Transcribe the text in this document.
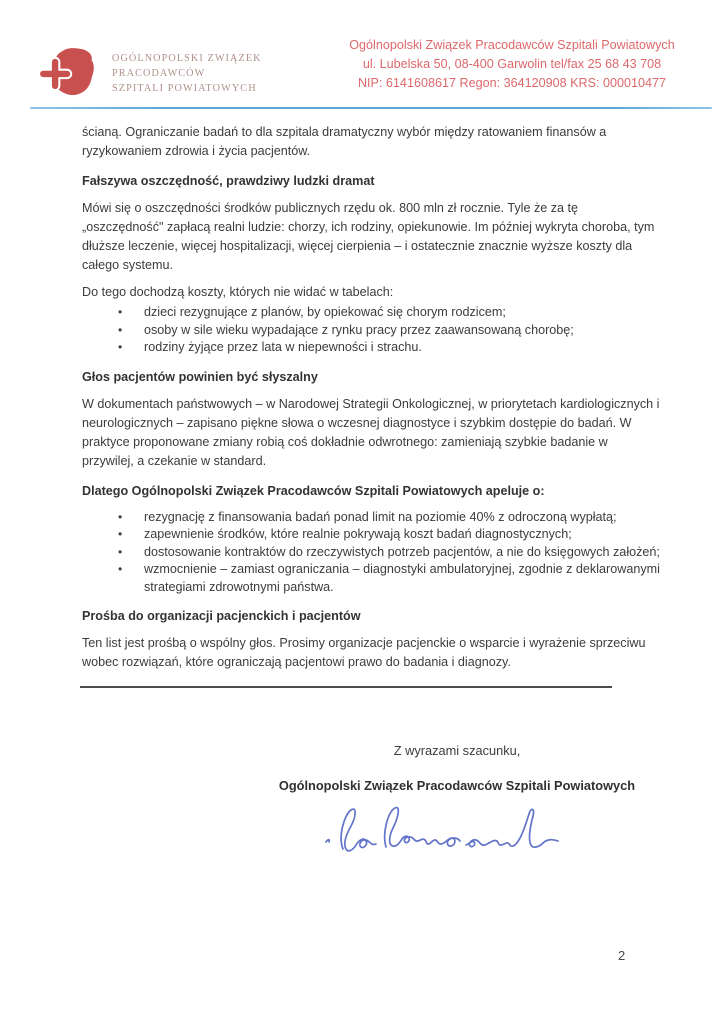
OGÓLNOPOLSKI ZWIĄZEK
PRACODAWCÓW
SZPITALI POWIATOWYCH
Ogólnopolski Związek Pracodawców Szpitali Powiatowych
ul. Lubelska 50, 08-400 Garwolin tel/fax 25 68 43 708
NIP: 6141608617 Regon: 364120908 KRS: 000010477

ścianą. Ograniczanie badań to dla szpitala dramatyczny wybór między ratowaniem finansów a ryzykowaniem zdrowia i życia pacjentów.

Fałszywa oszczędność, prawdziwy ludzki dramat

Mówi się o oszczędności środków publicznych rzędu ok. 800 mln zł rocznie. Tyle że za tę „oszczędność" zapłacą realni ludzie: chorzy, ich rodziny, opiekunowie. Im później wykryta choroba, tym dłuższe leczenie, więcej hospitalizacji, więcej cierpienia – i ostatecznie znacznie wyższe koszty dla całego systemu.

Do tego dochodzą koszty, których nie widać w tabelach:

• dzieci rezygnujące z planów, by opiekować się chorym rodzicem;
• osoby w sile wieku wypadające z rynku pracy przez zaawansowaną chorobę;
• rodziny żyjące przez lata w niepewności i strachu.
Głos pacjentów powinien być słyszalny

W dokumentach państwowych – w Narodowej Strategii Onkologicznej, w priorytetach kardiologicznych i neurologicznych – zapisano piękne słowa o wczesnej diagnostyce i szybkim dostępie do badań. W praktyce proponowane zmiany robią coś dokładnie odwrotnego: zamieniają szybkie badanie w przywilej, a czekanie w standard.

Dlatego Ogólnopolski Związek Pracodawców Szpitali Powiatowych apeluje o:
• rezygnację z finansowania badań ponad limit na poziomie 40% z odroczoną wypłatą;
• zapewnienie środków, które realnie pokrywają koszt badań diagnostycznych;
• dostosowanie kontraktów do rzeczywistych potrzeb pacjentów, a nie do księgowych założeń;
• wzmocnienie – zamiast ograniczania – diagnostyki ambulatoryjnej, zgodnie z deklarowanymi strategiami zdrowotnymi państwa.
Prośba do organizacji pacjenckich i pacjentów

Ten list jest prośbą o wspólny głos. Prosimy organizacje pacjenckie o wsparcie i wyrażenie sprzeciwu wobec rozwiązań, które ograniczają pacjentowi prawo do badania i diagnozy.

Z wyrazami szacunku,

Ogólnopolski Związek Pracodawców Szpitali Powiatowych

2
